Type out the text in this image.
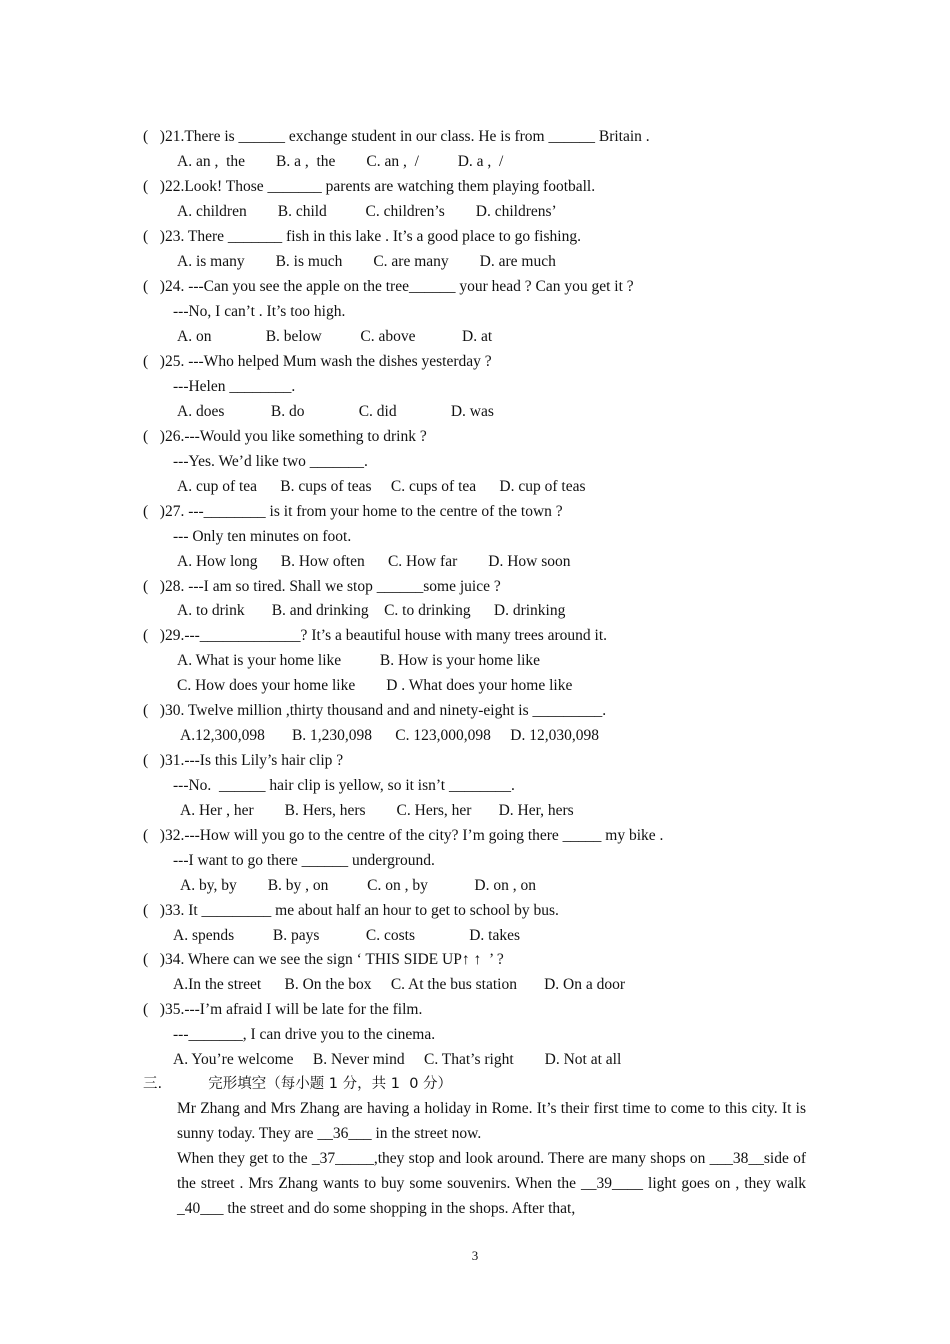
(   )21.There is ______ exchange student in our class. He is from ______ Britain .

A. an ,  the        B. a ,  the        C. an ,  /          D. a ,  /

(   )22.Look! Those _______ parents are watching them playing football.

A. children        B. child          C. children’s        D. childrens’

(   )23. There _______ fish in this lake . It’s a good place to go fishing.

A. is many        B. is much        C. are many        D. are much

(   )24. ---Can you see the apple on the tree______ your head ? Can you get it ?

---No, I can’t . It’s too high.

A. on              B. below          C. above            D. at

(   )25. ---Who helped Mum wash the dishes yesterday ?

---Helen ________.

A. does            B. do              C. did              D. was

(   )26.---Would you like something to drink ?

---Yes. We’d like two _______.

A. cup of tea      B. cups of teas     C. cups of tea      D. cup of teas

(   )27. ---________ is it from your home to the centre of the town ?

--- Only ten minutes on foot.

A. How long      B. How often      C. How far        D. How soon

(   )28. ---I am so tired. Shall we stop ______some juice ?

A. to drink       B. and drinking    C. to drinking      D. drinking

(   )29.---_____________? It’s a beautiful house with many trees around it.

A. What is your home like          B. How is your home like

C. How does your home like        D . What does your home like

(   )30. Twelve million ,thirty thousand and and ninety-eight is _________.

A.12,300,098       B. 1,230,098      C. 123,000,098     D. 12,030,098

(   )31.---Is this Lily’s hair clip ?

---No.  ______ hair clip is yellow, so it isn’t ________.

A. Her , her        B. Hers, hers        C. Hers, her       D. Her, hers

(   )32.---How will you go to the centre of the city? I’m going there _____ my bike .

---I want to go there ______ underground.

A. by, by        B. by , on          C. on , by            D. on , on

(   )33. It _________ me about half an hour to get to school by bus.

A. spends          B. pays            C. costs              D. takes

(   )34. Where can we see the sign ‘ THIS SIDE UP↑ ↑  ’ ?

A.In the street      B. On the box     C. At the bus station       D. On a door

(   )35.---I’m afraid I will be late for the film.

---_______, I can drive you to the cinema.

A. You’re welcome     B. Never mind     C. That’s right        D. Not at all

三.          完形填空（每小题 1 分，共 1  0 分）

Mr Zhang and Mrs Zhang are having a holiday in Rome. It’s their first time to come to this city. It is sunny today. They are __36___ in the street now.

When they get to the _37_____,they stop and look around. There are many shops on ___38__side of the street . Mrs Zhang wants to buy some souvenirs. When the __39____ light goes on , they walk _40___ the street and do some shopping in the shops. After that,

3
